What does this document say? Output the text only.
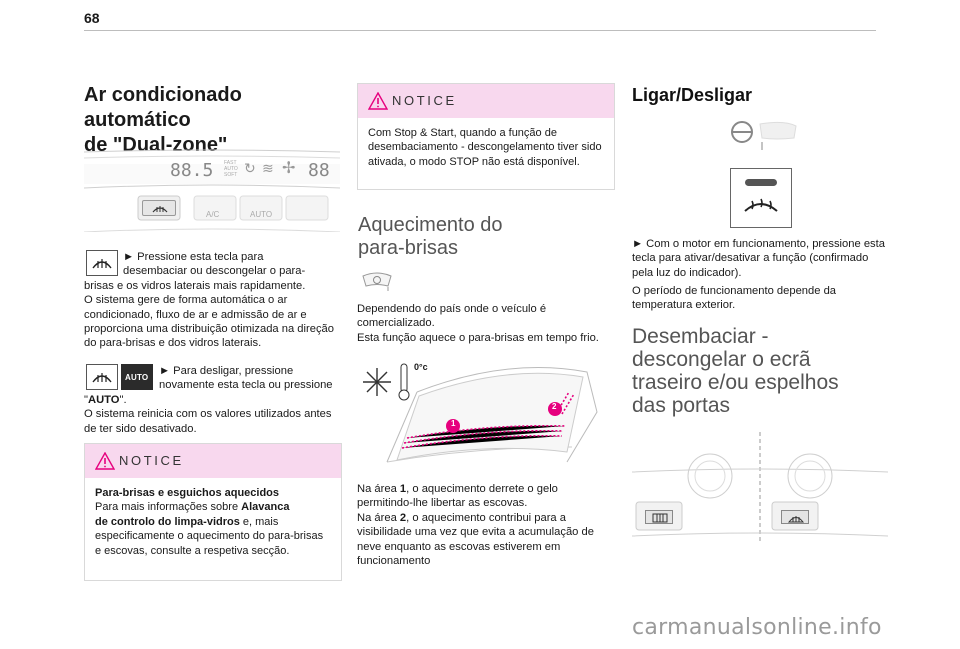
68
Ar condicionado automático
de "Dual-zone"
88.5 FAST
AUTO
SOFT ↻ ≋ ✢ 88
A/C	AUTO
► Pressione esta tecla para
desembaciar ou descongelar o para-
brisas e os vidros laterais mais rapidamente.
O sistema gere de forma automática o ar condicionado, fluxo de ar e admissão de ar e proporciona uma distribuição otimizada na direção do para-brisas e dos vidros laterais.
AUTO
► Para desligar, pressione
novamente esta tecla ou pressione
"AUTO".
O sistema reinicia com os valores utilizados antes de ter sido desativado.
NOTICE
Para-brisas e esguichos aquecidos
Para mais informações sobre Alavanca
de controlo do limpa-vidros e, mais especificamente o aquecimento do para-brisas e escovas, consulte a respetiva secção.
NOTICE
Com Stop & Start, quando a função de desembaciamento - descongelamento tiver sido ativada, o modo STOP não está disponível.
Aquecimento do
para-brisas
Dependendo do país onde o veículo é comercializado.
Esta função aquece o para-brisas em tempo frio.
0°c
1
2
Na área 1, o aquecimento derrete o gelo permitindo-lhe libertar as escovas.
Na área 2, o aquecimento contribui para a visibilidade uma vez que evita a acumulação de neve enquanto as escovas estiverem em funcionamento
Ligar/Desligar
► Com o motor em funcionamento, pressione esta tecla para ativar/desativar a função (confirmado pela luz do indicador).
O período de funcionamento depende da temperatura exterior.
Desembaciar -
descongelar o ecrã
traseiro e/ou espelhos
das portas
carmanualsonline.info
